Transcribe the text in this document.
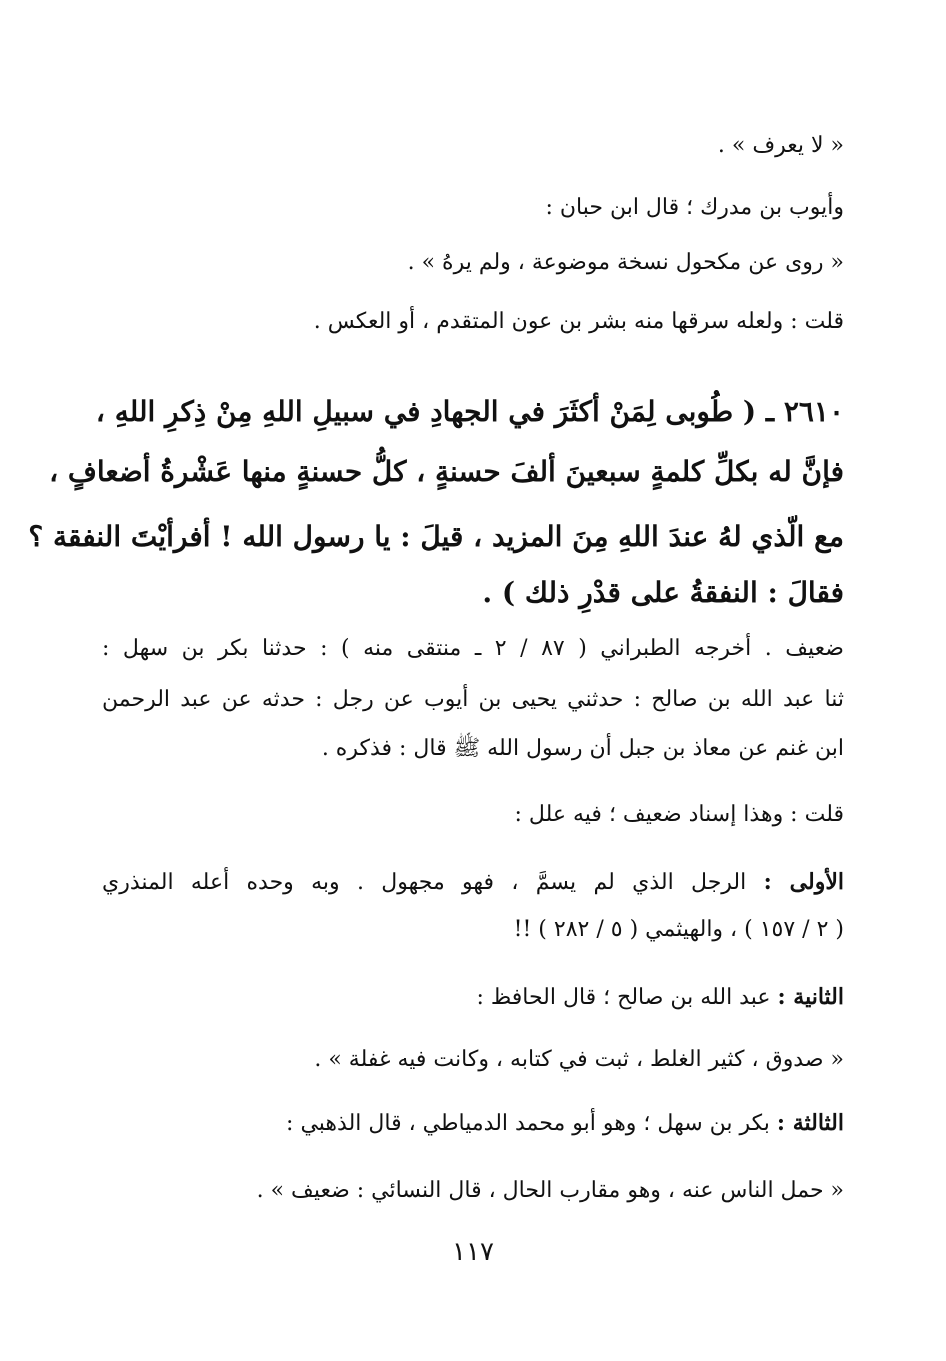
« لا يعرف » .
وأيوب بن مدرك ؛ قال ابن حبان :
« روى عن مكحول نسخة موضوعة ، ولم يرهُ » .
قلت : ولعله سرقها منه بشر بن عون المتقدم ، أو العكس .
٢٦١٠ ـ ( طُوبى لِمَنْ أكثَرَ في الجهادِ في سبيلِ اللهِ مِنْ ذِكرِ اللهِ ،
فإنَّ له بكلِّ كلمةٍ سبعينَ ألفَ حسنةٍ ، كلُّ حسنةٍ منها عَشْرةُ أضعافٍ ،
مع الّذي لهُ عندَ اللهِ مِنَ المزيد ، قيلَ : يا رسول الله ! أفرأيْتَ النفقة ؟
فقالَ : النفقةُ على قدْرِ ذلك ) .
ضعيف . أخرجه الطبراني ( ٨٧ / ٢ ـ منتقى منه ) : حدثنا بكر بن سهل :
ثنا عبد الله بن صالح : حدثني يحيى بن أيوب عن رجل : حدثه عن عبد الرحمن
ابن غنم عن معاذ بن جبل أن رسول الله ﷺ قال : فذكره .
قلت : وهذا إسناد ضعيف ؛ فيه علل :
الأولى : الرجل الذي لم يسمَّ ، فهو مجهول . وبه وحده أعله المنذري
( ٢ / ١٥٧ ) ، والهيثمي ( ٥ / ٢٨٢ ) !!
الثانية : عبد الله بن صالح ؛ قال الحافظ :
« صدوق ، كثير الغلط ، ثبت في كتابه ، وكانت فيه غفلة » .
الثالثة : بكر بن سهل ؛ وهو أبو محمد الدمياطي ، قال الذهبي :
« حمل الناس عنه ، وهو مقارب الحال ، قال النسائي : ضعيف » .
١١٧
